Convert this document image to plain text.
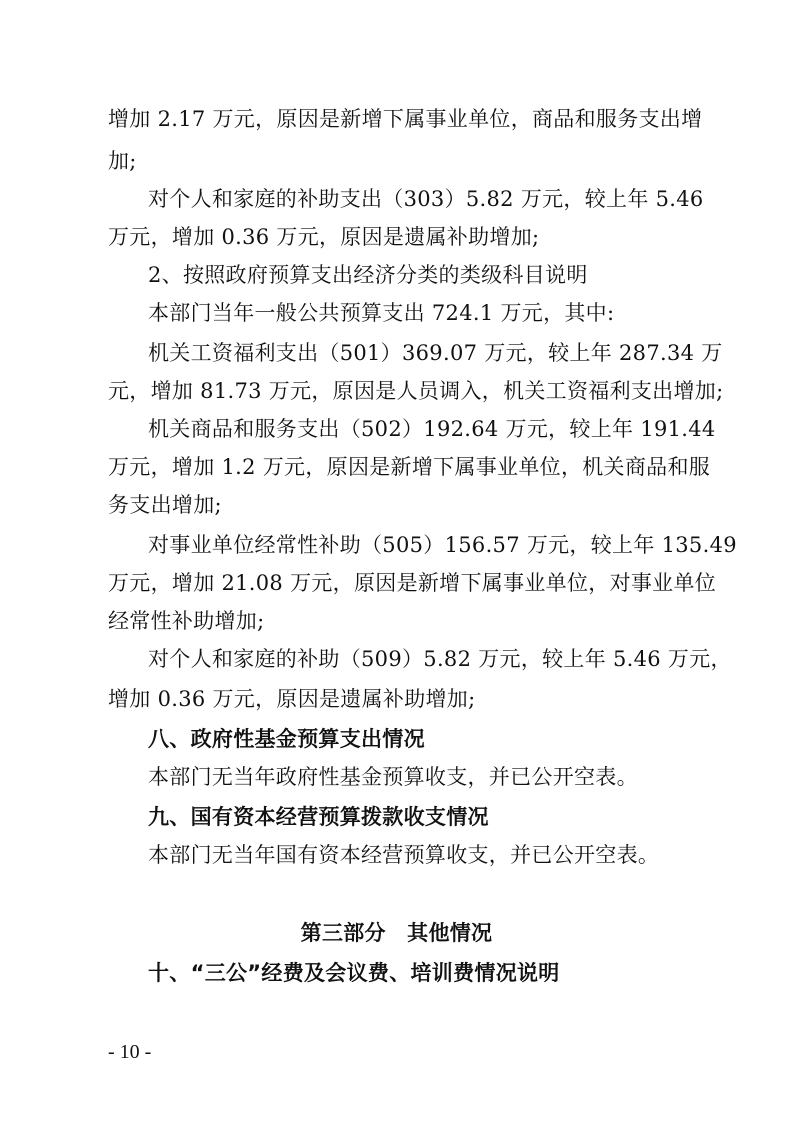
增加 2.17 万元，原因是新增下属事业单位，商品和服务支出增
加;
对个人和家庭的补助支出（303）5.82 万元，较上年 5.46
万元，增加 0.36 万元，原因是遗属补助增加;
2、按照政府预算支出经济分类的类级科目说明
本部门当年一般公共预算支出 724.1 万元，其中:
机关工资福利支出（501）369.07 万元，较上年 287.34 万
元，增加 81.73 万元，原因是人员调入，机关工资福利支出增加;
机关商品和服务支出（502）192.64 万元，较上年 191.44
万元，增加 1.2 万元，原因是新增下属事业单位，机关商品和服
务支出增加;
对事业单位经常性补助（505）156.57 万元，较上年 135.49
万元，增加 21.08 万元，原因是新增下属事业单位，对事业单位
经常性补助增加;
对个人和家庭的补助（509）5.82 万元，较上年 5.46 万元，
增加 0.36 万元，原因是遗属补助增加;
八、政府性基金预算支出情况
本部门无当年政府性基金预算收支，并已公开空表。
九、国有资本经营预算拨款收支情况
本部门无当年国有资本经营预算收支，并已公开空表。
第三部分　其他情况
十、“三公”经费及会议费、培训费情况说明
- 10 -
